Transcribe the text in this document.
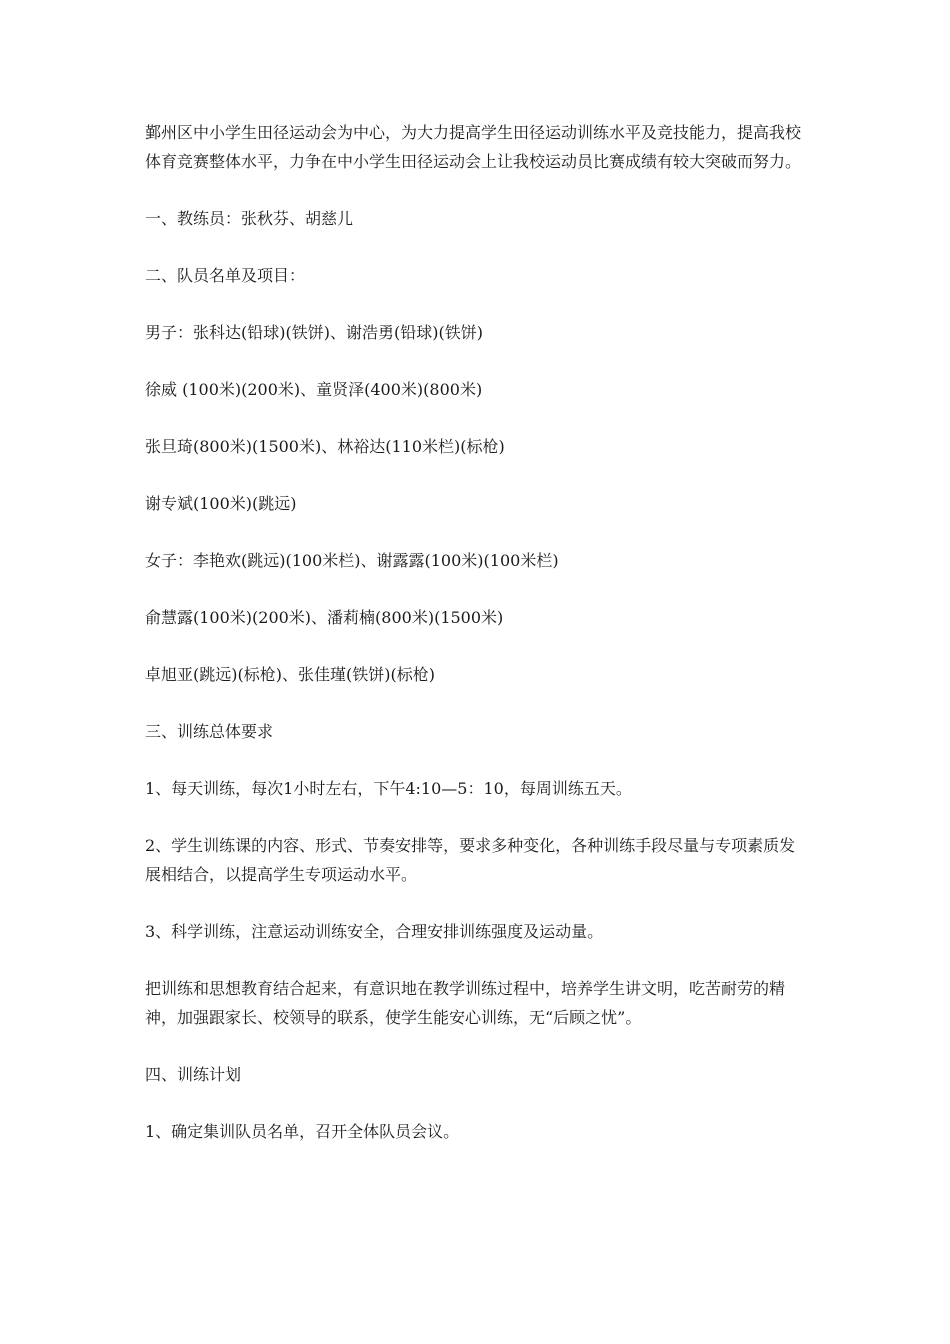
鄞州区中小学生田径运动会为中心，为大力提高学生田径运动训练水平及竞技能力，提高我校体育竞赛整体水平，力争在中小学生田径运动会上让我校运动员比赛成绩有较大突破而努力。

一、教练员：张秋芬、胡慈儿

二、队员名单及项目：

男子：张科达(铅球)(铁饼)、谢浩勇(铅球)(铁饼)

徐威 (100米)(200米)、童贤泽(400米)(800米)

张旦琦(800米)(1500米)、林裕达(110米栏)(标枪)

谢专斌(100米)(跳远)

女子：李艳欢(跳远)(100米栏)、谢露露(100米)(100米栏)

俞慧露(100米)(200米)、潘莉楠(800米)(1500米)

卓旭亚(跳远)(标枪)、张佳瑾(铁饼)(标枪)

三、训练总体要求

1、每天训练，每次1小时左右，下午4:10—5：10，每周训练五天。

2、学生训练课的内容、形式、节奏安排等，要求多种变化，各种训练手段尽量与专项素质发展相结合，以提高学生专项运动水平。

3、科学训练，注意运动训练安全，合理安排训练强度及运动量。

把训练和思想教育结合起来，有意识地在教学训练过程中，培养学生讲文明，吃苦耐劳的精神，加强跟家长、校领导的联系，使学生能安心训练，无“后顾之忧”。

四、训练计划

1、确定集训队员名单，召开全体队员会议。
